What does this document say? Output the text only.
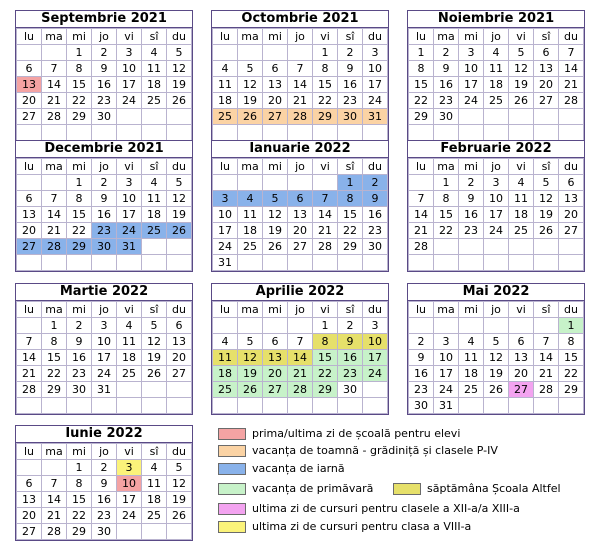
Septembrie 2021
lu	ma	mi	jo	vi	sî	du
		1	2	3	4	5
6	7	8	9	10	11	12
13	14	15	16	17	18	19
20	21	22	23	24	25	26
27	28	29	30			

Octombrie 2021
lu	ma	mi	jo	vi	sî	du
				1	2	3
4	5	6	7	8	9	10
11	12	13	14	15	16	17
18	19	20	21	22	23	24
25	26	27	28	29	30	31

Noiembrie 2021
lu	ma	mi	jo	vi	sî	du
1	2	3	4	5	6	7
8	9	10	11	12	13	14
15	16	17	18	19	20	21
22	23	24	25	26	27	28
29	30					

Decembrie 2021
lu	ma	mi	jo	vi	sî	du
		1	2	3	4	5
6	7	8	9	10	11	12
13	14	15	16	17	18	19
20	21	22	23	24	25	26
27	28	29	30	31		

Ianuarie 2022
lu	ma	mi	jo	vi	sî	du
					1	2
3	4	5	6	7	8	9
10	11	12	13	14	15	16
17	18	19	20	21	22	23
24	25	26	27	28	29	30
31						
Februarie 2022
lu	ma	mi	jo	vi	sî	du
	1	2	3	4	5	6
7	8	9	10	11	12	13
14	15	16	17	18	19	20
21	22	23	24	25	26	27
28						

Martie 2022
lu	ma	mi	jo	vi	sî	du
	1	2	3	4	5	6
7	8	9	10	11	12	13
14	15	16	17	18	19	20
21	22	23	24	25	26	27
28	29	30	31			

Aprilie 2022
lu	ma	mi	jo	vi	sî	du
				1	2	3
4	5	6	7	8	9	10
11	12	13	14	15	16	17
18	19	20	21	22	23	24
25	26	27	28	29	30	

Mai 2022
lu	ma	mi	jo	vi	sî	du
						1
2	3	4	5	6	7	8
9	10	11	12	13	14	15
16	17	18	19	20	21	22
23	24	25	26	27	28	29
30	31					
Iunie 2022
lu	ma	mi	jo	vi	sî	du
		1	2	3	4	5
6	7	8	9	10	11	12
13	14	15	16	17	18	19
20	21	22	23	24	25	26
27	28	29	30			
prima/ultima zi de școală pentru elevi
vacanța de toamnă - grădiniță și clasele P-IV
vacanța de iarnă
vacanța de primăvară	săptămâna Școala Altfel
ultima zi de cursuri pentru clasele a XII-a/a XIII-a
ultima zi de cursuri pentru clasa a VIII-a
